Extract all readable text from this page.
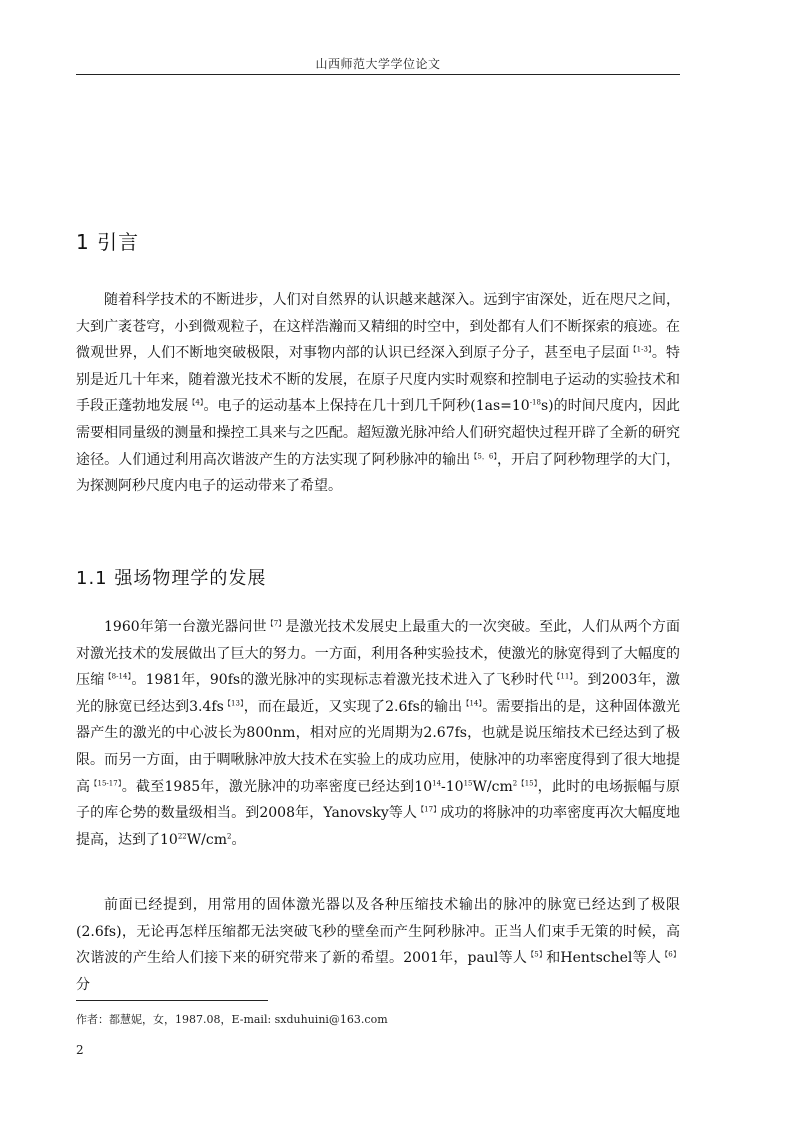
山西师范大学学位论文
1 引言

随着科学技术的不断进步，人们对自然界的认识越来越深入。远到宇宙深处，近在咫尺之间，大到广袤苍穹，小到微观粒子，在这样浩瀚而又精细的时空中，到处都有人们不断探索的痕迹。在微观世界，人们不断地突破极限，对事物内部的认识已经深入到原子分子，甚至电子层面$^{【1-3】}$。特别是近几十年来，随着激光技术不断的发展，在原子尺度内实时观察和控制电子运动的实验技术和手段正蓬勃地发展$^{【4】}$。电子的运动基本上保持在几十到几千阿秒$(1as=10^{-18}s)$的时间尺度内，因此需要相同量级的测量和操控工具来与之匹配。超短激光脉冲给人们研究超快过程开辟了全新的研究途径。人们通过利用高次谐波产生的方法实现了阿秒脉冲的输出$^{【5,6】}$，开启了阿秒物理学的大门，为探测阿秒尺度内电子的运动带来了希望。

1.1 强场物理学的发展

1960年第一台激光器问世$^{【7】}$是激光技术发展史上最重大的一次突破。至此，人们从两个方面对激光技术的发展做出了巨大的努力。一方面，利用各种实验技术，使激光的脉宽得到了大幅度的压缩$^{【8-14】}$。1981年，90fs的激光脉冲的实现标志着激光技术进入了飞秒时代$^{【11】}$。到2003年，激光的脉宽已经达到$3.4fs^{【13】}$，而在最近，又实现了2.6fs的输出$^{【14】}$。需要指出的是，这种固体激光器产生的激光的中心波长为800nm，相对应的光周期为2.67fs，也就是说压缩技术已经达到了极限。而另一方面，由于啁啾脉冲放大技术在实验上的成功应用，使脉冲的功率密度得到了很大地提高$^{【15-17】}$。截至1985年，激光脉冲的功率密度已经达到$10^{14}-10^{15}W/cm^{2【15】}$，此时的电场振幅与原子的库仑势的数量级相当。到2008年，Yanovsky等人$^{【17】}$成功的将脉冲的功率密度再次大幅度地提高，达到了$10^{22}W/cm^2$。

前面已经提到，用常用的固体激光器以及各种压缩技术输出的脉冲的脉宽已经达到了极限(2.6fs)，无论再怎样压缩都无法突破飞秒的壁垒而产生阿秒脉冲。正当人们束手无策的时候，高次谐波的产生给人们接下来的研究带来了新的希望。2001年，paul等人$^{【5】}$和Hentschel等人$^{【6】}$分

作者：都慧妮，女，1987.08，E-mail: sxduhuini@163.com
2
